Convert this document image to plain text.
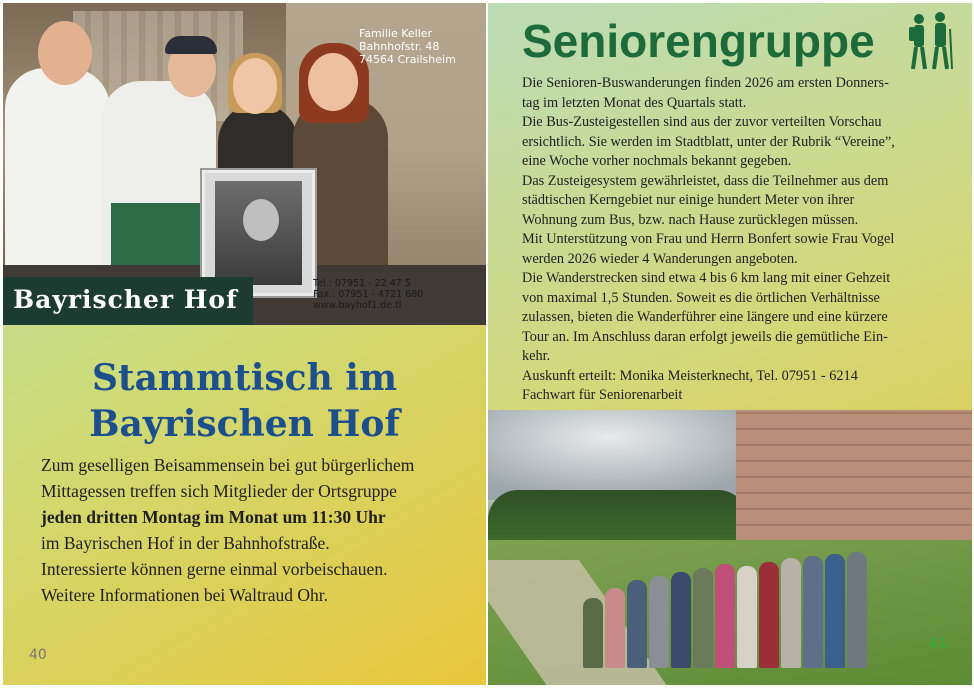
Familie Keller
Bahnhofstr. 48
74564 Crailsheim
Tel.: 07951 - 22 47 5
Fax.: 07951 - 4721 680
www.bayhof1.de.tl
Bayrischer Hof
Stammtisch im
Bayrischen Hof
Zum geselligen Beisammensein bei gut bürgerlichem
Mittagessen treffen sich Mitglieder der Ortsgruppe
jeden dritten Montag im Monat um 11:30 Uhr
im Bayrischen Hof in der Bahnhofstraße.
Interessierte können gerne einmal vorbeischauen.
Weitere Informationen bei Waltraud Ohr.
40
Seniorengruppe
Die Senioren-Buswanderungen finden 2026 am ersten Donners-
tag im letzten Monat des Quartals statt.
Die Bus-Zusteigestellen sind aus der zuvor verteilten Vorschau
ersichtlich. Sie werden im Stadtblatt, unter der Rubrik “Vereine”,
eine Woche vorher nochmals bekannt gegeben.
Das Zusteigesystem gewährleistet, dass die Teilnehmer aus dem
städtischen Kerngebiet nur einige hundert Meter von ihrer
Wohnung zum Bus, bzw. nach Hause zurücklegen müssen.
Mit Unterstützung von Frau und Herrn Bonfert sowie Frau Vogel
werden 2026 wieder 4 Wanderungen angeboten.
Die Wanderstrecken sind etwa 4 bis 6 km lang mit einer Gehzeit
von maximal 1,5 Stunden. Soweit es die örtlichen Verhältnisse
zulassen, bieten die Wanderführer eine längere und eine kürzere
Tour an. Im Anschluss daran erfolgt jeweils die gemütliche Ein-
kehr.
Auskunft erteilt: Monika Meisterknecht, Tel. 07951 - 6214
Fachwart für Seniorenarbeit
41
